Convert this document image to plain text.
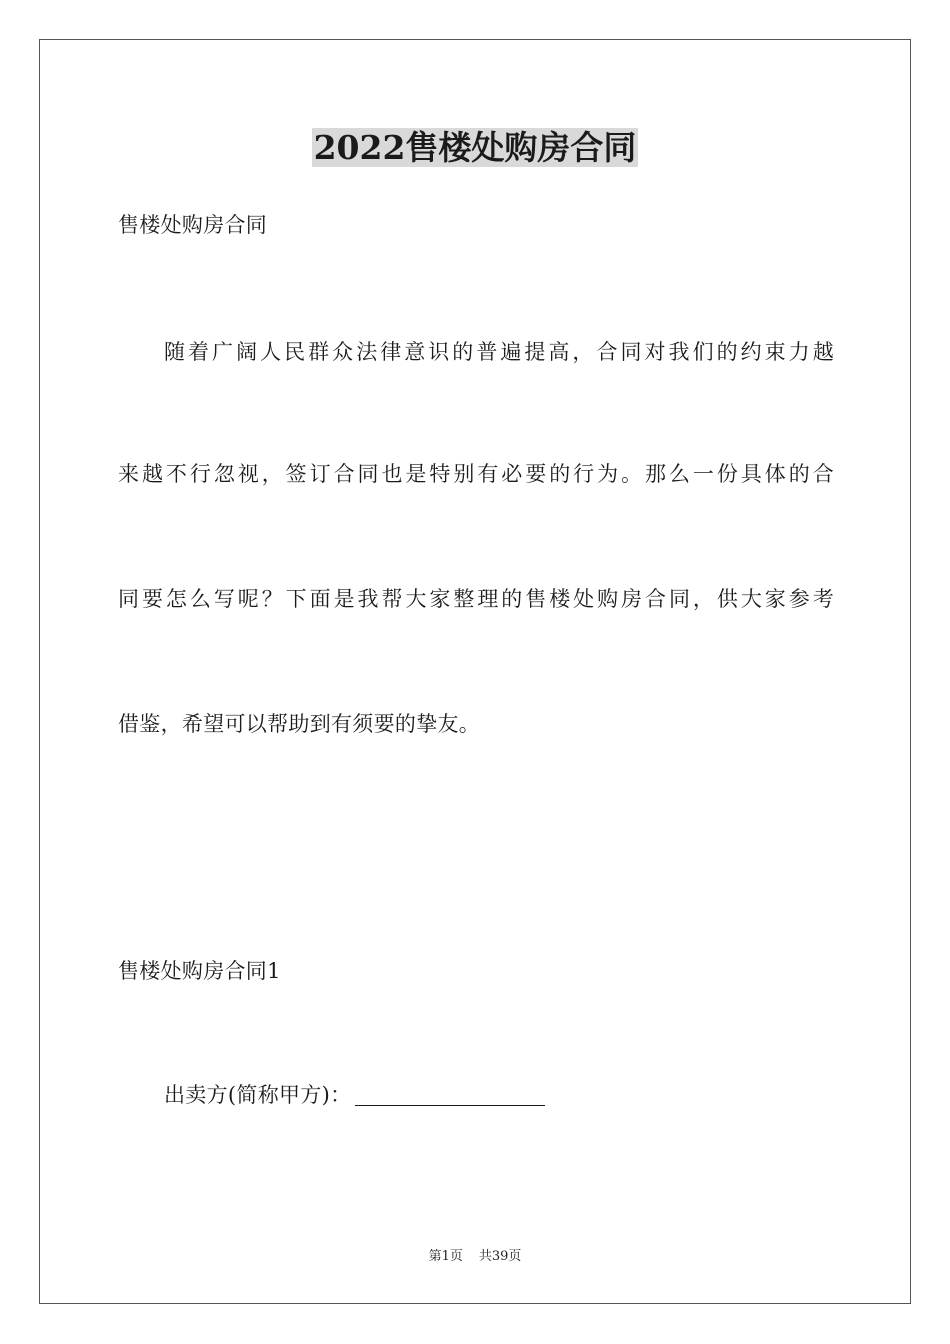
2022售楼处购房合同
售楼处购房合同
随着广阔人民群众法律意识的普遍提高，合同对我们的约束力越
来越不行忽视，签订合同也是特别有必要的行为。那么一份具体的合
同要怎么写呢？下面是我帮大家整理的售楼处购房合同，供大家参考
借鉴，希望可以帮助到有须要的挚友。
售楼处购房合同1
出卖方(简称甲方)：
第1页 共39页
